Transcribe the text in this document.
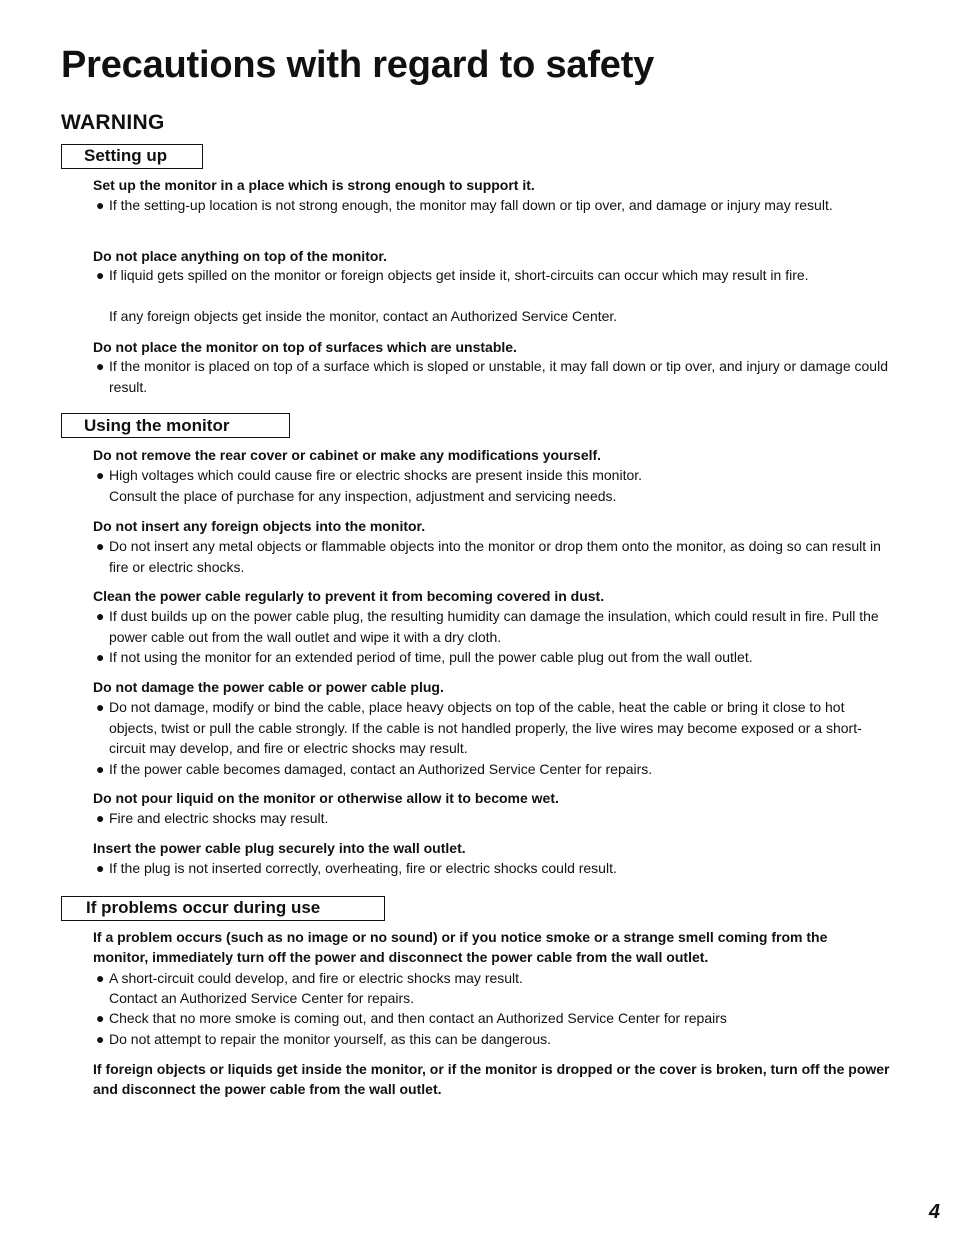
Precautions with regard to safety
WARNING
Setting up

Set up the monitor in a place which is strong enough to support it.

● If the setting-up location is not strong enough, the monitor may fall down or tip over, and damage or injury may result.

Do not place anything on top of the monitor.

● If liquid gets spilled on the monitor or foreign objects get inside it, short-circuits can occur which may result in fire.

If any foreign objects get inside the monitor, contact an Authorized Service Center.

Do not place the monitor on top of surfaces which are unstable.

● If the monitor is placed on top of a surface which is sloped or unstable, it may fall down or tip over, and injury or damage could result.

Using the monitor

Do not remove the rear cover or cabinet or make any modifications yourself.

● High voltages which could cause fire or electric shocks are present inside this monitor.

Consult the place of purchase for any inspection, adjustment and servicing needs.

Do not insert any foreign objects into the monitor.

● Do not insert any metal objects or flammable objects into the monitor or drop them onto the monitor, as doing so can result in fire or electric shocks.

Clean the power cable regularly to prevent it from becoming covered in dust.

● If dust builds up on the power cable plug, the resulting humidity can damage the insulation, which could result in fire. Pull the power cable out from the wall outlet and wipe it with a dry cloth.

● If not using the monitor for an extended period of time, pull the power cable plug out from the wall outlet.

Do not damage the power cable or power cable plug.

● Do not damage, modify or bind the cable, place heavy objects on top of the cable, heat the cable or bring it close to hot objects, twist or pull the cable strongly. If the cable is not handled properly, the live wires may become exposed or a short-circuit may develop, and fire or electric shocks may result.

● If the power cable becomes damaged, contact an Authorized Service Center for repairs.

Do not pour liquid on the monitor or otherwise allow it to become wet.

● Fire and electric shocks may result.

Insert the power cable plug securely into the wall outlet.

● If the plug is not inserted correctly, overheating, fire or electric shocks could result.

If problems occur during use

If a problem occurs (such as no image or no sound) or if you notice smoke or a strange smell coming from the monitor, immediately turn off the power and disconnect the power cable from the wall outlet.

● A short-circuit could develop, and fire or electric shocks may result.

Contact an Authorized Service Center for repairs.

● Check that no more smoke is coming out, and then contact an Authorized Service Center for repairs

● Do not attempt to repair the monitor yourself, as this can be dangerous.

If foreign objects or liquids get inside the monitor, or if the monitor is dropped or the cover is broken, turn off the power and disconnect the power cable from the wall outlet.

4
